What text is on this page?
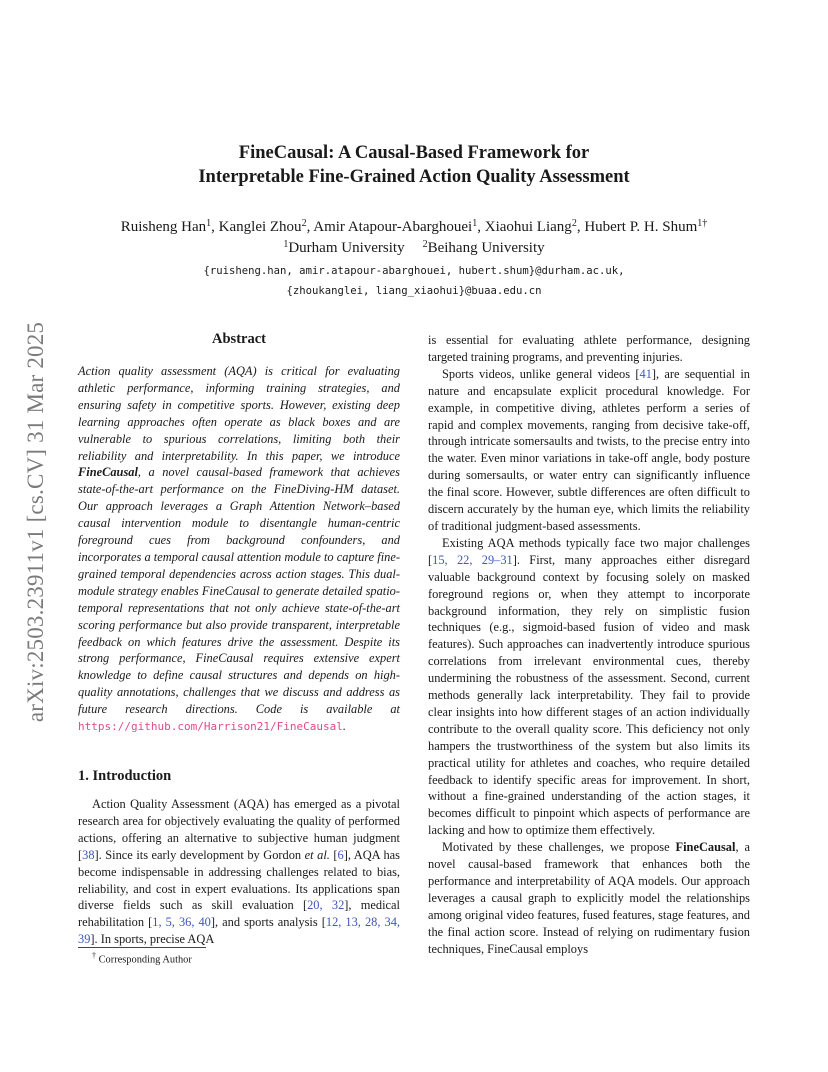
arXiv:2503.23911v1 [cs.CV] 31 Mar 2025
FineCausal: A Causal-Based Framework for
Interpretable Fine-Grained Action Quality Assessment
Ruisheng Han$^1$, Kanglei Zhou$^2$, Amir Atapour-Abarghouei$^1$, Xiaohui Liang$^2$, Hubert P. H. Shum$^{1\dagger}$
$^1$Durham University $^2$Beihang University
{ruisheng.han, amir.atapour-abarghouei, hubert.shum}@durham.ac.uk,
{zhoukanglei, liang_xiaohui}@buaa.edu.cn
Abstract
Action quality assessment (AQA) is critical for evaluating athletic performance, informing training strategies, and ensuring safety in competitive sports. However, existing deep learning approaches often operate as black boxes and are vulnerable to spurious correlations, limiting both their reliability and interpretability. In this paper, we introduce FineCausal, a novel causal-based framework that achieves state-of-the-art performance on the FineDiving-HM dataset. Our approach leverages a Graph Attention Network–based causal intervention module to disentangle human-centric foreground cues from background confounders, and incorporates a temporal causal attention module to capture fine-grained temporal dependencies across action stages. This dual-module strategy enables FineCausal to generate detailed spatio-temporal representations that not only achieve state-of-the-art scoring performance but also provide transparent, interpretable feedback on which features drive the assessment. Despite its strong performance, FineCausal requires extensive expert knowledge to define causal structures and depends on high-quality annotations, challenges that we discuss and address as future research directions. Code is available at https://github.com/Harrison21/FineCausal.
1. Introduction

Action Quality Assessment (AQA) has emerged as a pivotal research area for objectively evaluating the quality of performed actions, offering an alternative to subjective human judgment [38]. Since its early development by Gordon et al. [6], AQA has become indispensable in addressing challenges related to bias, reliability, and cost in expert evaluations. Its applications span diverse fields such as skill evaluation [20, 32], medical rehabilitation [1, 5, 36, 40], and sports analysis [12, 13, 28, 34, 39]. In sports, precise AQA

† Corresponding Author

is essential for evaluating athlete performance, designing targeted training programs, and preventing injuries.

Sports videos, unlike general videos [41], are sequential in nature and encapsulate explicit procedural knowledge. For example, in competitive diving, athletes perform a series of rapid and complex movements, ranging from decisive take-off, through intricate somersaults and twists, to the precise entry into the water. Even minor variations in take-off angle, body posture during somersaults, or water entry can significantly influence the final score. However, subtle differences are often difficult to discern accurately by the human eye, which limits the reliability of traditional judgment-based assessments.

Existing AQA methods typically face two major challenges [15, 22, 29–31]. First, many approaches either disregard valuable background context by focusing solely on masked foreground regions or, when they attempt to incorporate background information, they rely on simplistic fusion techniques (e.g., sigmoid-based fusion of video and mask features). Such approaches can inadvertently introduce spurious correlations from irrelevant environmental cues, thereby undermining the robustness of the assessment. Second, current methods generally lack interpretability. They fail to provide clear insights into how different stages of an action individually contribute to the overall quality score. This deficiency not only hampers the trustworthiness of the system but also limits its practical utility for athletes and coaches, who require detailed feedback to identify specific areas for improvement. In short, without a fine-grained understanding of the action stages, it becomes difficult to pinpoint which aspects of performance are lacking and how to optimize them effectively.

Motivated by these challenges, we propose FineCausal, a novel causal-based framework that enhances both the performance and interpretability of AQA models. Our approach leverages a causal graph to explicitly model the relationships among original video features, fused features, stage features, and the final action score. Instead of relying on rudimentary fusion techniques, FineCausal employs
